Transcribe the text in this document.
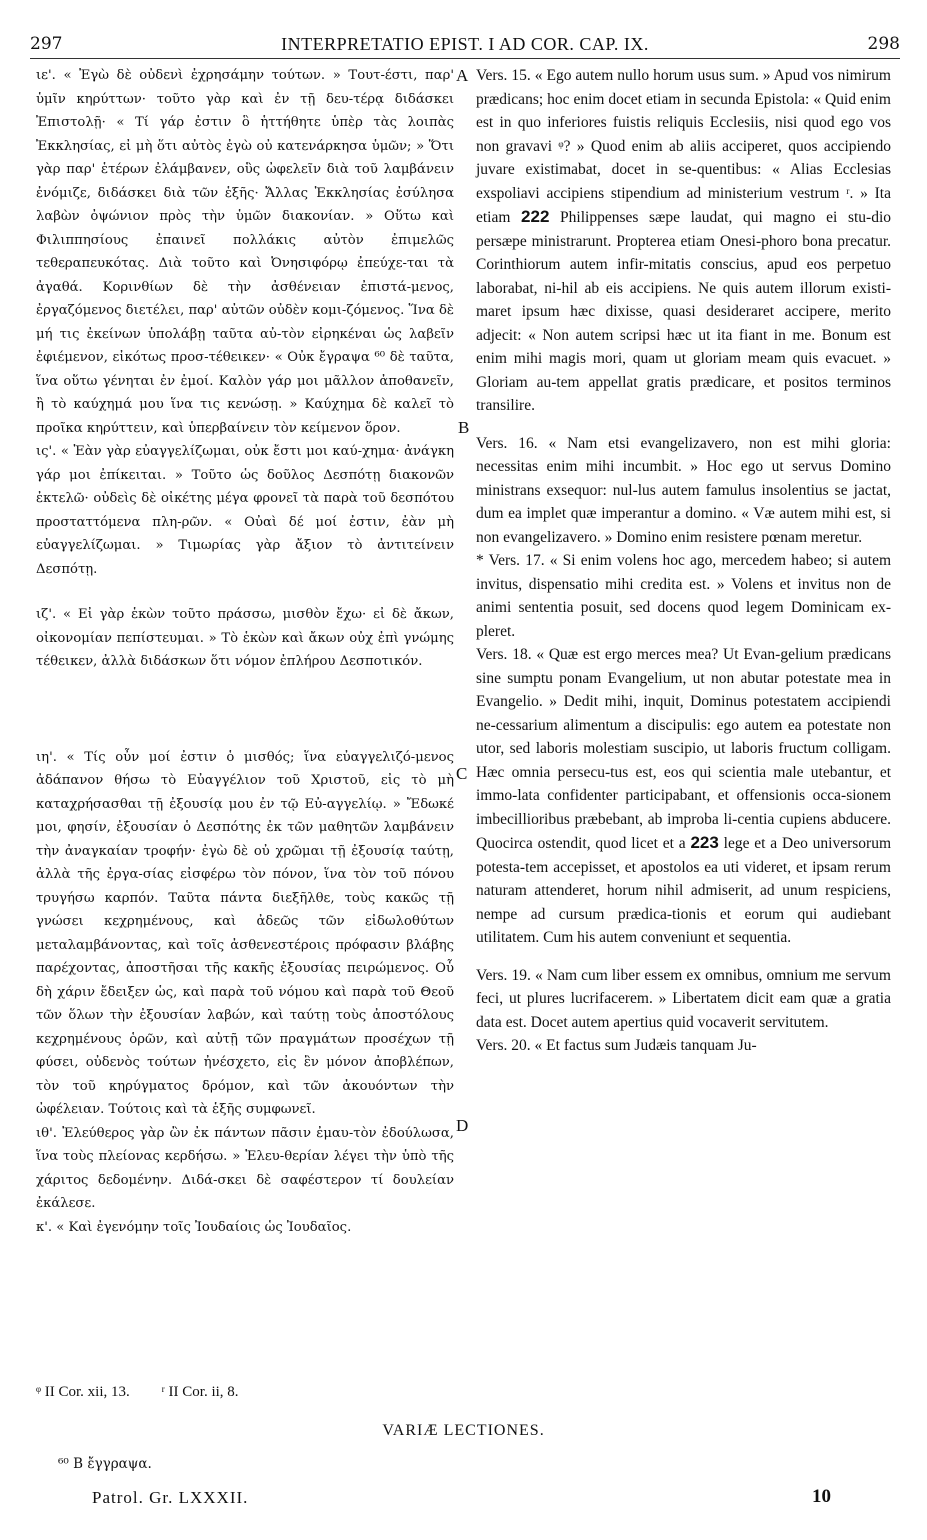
297	INTERPRETATIO EPIST. I AD COR. CAP. IX.	298

ιε'. « Ἐγὼ δὲ οὐδενὶ ἐχρησάμην τούτων. » Τουτ-έστι, παρ' ὑμῖν κηρύττων· τοῦτο γὰρ καὶ ἐν τῇ δευ-τέρᾳ διδάσκει Ἐπιστολῇ· « Τί γάρ ἐστιν ὃ ἡττήθητε ὑπὲρ τὰς λοιπὰς Ἐκκλησίας, εἰ μὴ ὅτι αὐτὸς ἐγὼ οὐ κατενάρκησα ὑμῶν; » Ὅτι γὰρ παρ' ἑτέρων ἐλάμβανεν, οὓς ὠφελεῖν διὰ τοῦ λαμβάνειν ἐνόμιζε, διδάσκει διὰ τῶν ἑξῆς· Ἄλλας Ἐκκλησίας ἐσύλησα λαβὼν ὀψώνιον πρὸς τὴν ὑμῶν διακονίαν. » Οὕτω καὶ Φιλιππησίους ἐπαινεῖ πολλάκις αὐτὸν ἐπιμελῶς τεθεραπευκότας. Διὰ τοῦτο καὶ Ὀνησιφόρῳ ἐπεύχε-ται τὰ ἀγαθά. Κορινθίων δὲ τὴν ἀσθένειαν ἐπιστά-μενος, ἐργαζόμενος διετέλει, παρ' αὐτῶν οὐδὲν κομι-ζόμενος. Ἵνα δὲ μή τις ἐκείνων ὑπολάβῃ ταῦτα αὐ-τὸν εἰρηκέναι ὡς λαβεῖν ἐφιέμενον, εἰκότως προσ-τέθεικεν· « Οὐκ ἔγραψα ⁶⁰ δὲ ταῦτα, ἵνα οὕτω γένηται ἐν ἐμοί. Καλὸν γάρ μοι μᾶλλον ἀποθανεῖν, ἢ τὸ καύχημά μου ἵνα τις κενώσῃ. » Καύχημα δὲ καλεῖ τὸ προῖκα κηρύττειν, καὶ ὑπερβαίνειν τὸν κείμενον ὅρον.

ις'. « Ἐὰν γὰρ εὐαγγελίζωμαι, οὐκ ἔστι μοι καύ-χημα· ἀνάγκη γάρ μοι ἐπίκειται. » Τοῦτο ὡς δοῦλος Δεσπότῃ διακονῶν ἐκτελῶ· οὐδεὶς δὲ οἰκέτης μέγα φρονεῖ τὰ παρὰ τοῦ δεσπότου προσταττόμενα πλη-ρῶν. « Οὐαὶ δέ μοί ἐστιν, ἐὰν μὴ εὐαγγελίζωμαι. » Τιμωρίας γὰρ ἄξιον τὸ ἀντιτείνειν Δεσπότῃ.

ιζ'. « Εἰ γὰρ ἑκὼν τοῦτο πράσσω, μισθὸν ἔχω· εἰ δὲ ἄκων, οἰκονομίαν πεπίστευμαι. » Τὸ ἑκὼν καὶ ἄκων οὐχ ἐπὶ γνώμης τέθεικεν, ἀλλὰ διδάσκων ὅτι νόμον ἐπλήρου Δεσποτικόν.

ιη'. « Τίς οὖν μοί ἐστιν ὁ μισθός; ἵνα εὐαγγελιζό-μενος ἀδάπανον θήσω τὸ Εὐαγγέλιον τοῦ Χριστοῦ, εἰς τὸ μὴ καταχρήσασθαι τῇ ἐξουσίᾳ μου ἐν τῷ Εὐ-αγγελίῳ. » Ἔδωκέ μοι, φησίν, ἐξουσίαν ὁ Δεσπότης ἐκ τῶν μαθητῶν λαμβάνειν τὴν ἀναγκαίαν τροφήν· ἐγὼ δὲ οὐ χρῶμαι τῇ ἐξουσίᾳ ταύτῃ, ἀλλὰ τῆς ἐργα-σίας εἰσφέρω τὸν πόνον, ἵνα τὸν τοῦ πόνου τρυγήσω καρπόν. Ταῦτα πάντα διεξῆλθε, τοὺς κακῶς τῇ γνώσει κεχρημένους, καὶ ἀδεῶς τῶν εἰδωλοθύτων μεταλαμβάνοντας, καὶ τοῖς ἀσθενεστέροις πρόφασιν βλάβης παρέχοντας, ἀποστῆσαι τῆς κακῆς ἐξουσίας πειρώμενος. Οὗ δὴ χάριν ἔδειξεν ὡς, καὶ παρὰ τοῦ νόμου καὶ παρὰ τοῦ Θεοῦ τῶν ὅλων τὴν ἐξουσίαν λαβών, καὶ ταύτῃ τοὺς ἀποστόλους κεχρημένους ὁρῶν, καὶ αὐτῇ τῶν πραγμάτων προσέχων τῇ φύσει, οὐδενὸς τούτων ἠνέσχετο, εἰς ἓν μόνον ἀποβλέπων, τὸν τοῦ κηρύγματος δρόμον, καὶ τῶν ἀκουόντων τὴν ὠφέλειαν. Τούτοις καὶ τὰ ἑξῆς συμφωνεῖ.

ιθ'. Ἐλεύθερος γὰρ ὢν ἐκ πάντων πᾶσιν ἐμαυ-τὸν ἐδούλωσα, ἵνα τοὺς πλείονας κερδήσω. » Ἐλευ-θερίαν λέγει τὴν ὑπὸ τῆς χάριτος δεδομένην. Διδά-σκει δὲ σαφέστερον τί δουλείαν ἐκάλεσε.

κ'. « Καὶ ἐγενόμην τοῖς Ἰουδαίοις ὡς Ἰουδαῖος.

A
B
C
D

Vers. 15. « Ego autem nullo horum usus sum. » Apud vos nimirum prædicans; hoc enim docet etiam in secunda Epistola: « Quid enim est in quo inferiores fuistis reliquis Ecclesiis, nisi quod ego vos non gravavi ᵠ? » Quod enim ab aliis acciperet, quos accipiendo juvare existimabat, docet in se-quentibus: « Alias Ecclesias exspoliavi accipiens stipendium ad ministerium vestrum ʳ. » Ita etiam 222 Philippenses sæpe laudat, qui magno ei stu-dio persæpe ministrarunt. Propterea etiam Onesi-phoro bona precatur. Corinthiorum autem infir-mitatis conscius, apud eos perpetuo laborabat, ni-hil ab eis accipiens. Ne quis autem illorum existi-maret ipsum hæc dixisse, quasi desideraret accipere, merito adjecit: « Non autem scripsi hæc ut ita fiant in me. Bonum est enim mihi magis mori, quam ut gloriam meam quis evacuet. » Gloriam au-tem appellat gratis prædicare, et positos terminos transilire.

Vers. 16. « Nam etsi evangelizavero, non est mihi gloria: necessitas enim mihi incumbit. » Hoc ego ut servus Domino ministrans exsequor: nul-lus autem famulus insolentius se jactat, dum ea implet quæ imperantur a domino. « Væ autem mihi est, si non evangelizavero. » Domino enim resistere pœnam meretur.

* Vers. 17. « Si enim volens hoc ago, mercedem habeo; si autem invitus, dispensatio mihi credita est. » Volens et invitus non de animi sententia posuit, sed docens quod legem Dominicam ex-pleret.

Vers. 18. « Quæ est ergo merces mea? Ut Evan-gelium prædicans sine sumptu ponam Evangelium, ut non abutar potestate mea in Evangelio. » Dedit mihi, inquit, Dominus potestatem accipiendi ne-cessarium alimentum a discipulis: ego autem ea potestate non utor, sed laboris molestiam suscipio, ut laboris fructum colligam. Hæc omnia persecu-tus est, eos qui scientia male utebantur, et immo-lata confidenter participabant, et offensionis occa-sionem imbecillioribus præbebant, ab improba li-centia cupiens abducere. Quocirca ostendit, quod licet et a 223 lege et a Deo universorum potesta-tem accepisset, et apostolos ea uti videret, et ipsam rerum naturam attenderet, horum nihil admiserit, ad unum respiciens, nempe ad cursum prædica-tionis et eorum qui audiebant utilitatem. Cum his autem conveniunt et sequentia.

Vers. 19. « Nam cum liber essem ex omnibus, omnium me servum feci, ut plures lucrifacerem. » Libertatem dicit eam quæ a gratia data est. Docet autem apertius quid vocaverit servitutem.

Vers. 20. « Et factus sum Judæis tanquam Ju-

ᵠ II Cor. xii, 13. ʳ II Cor. ii, 8.
VARIÆ LECTIONES.
⁶⁰ B ἔγγραψα.
Patrol. Gr. LXXXII.	10
